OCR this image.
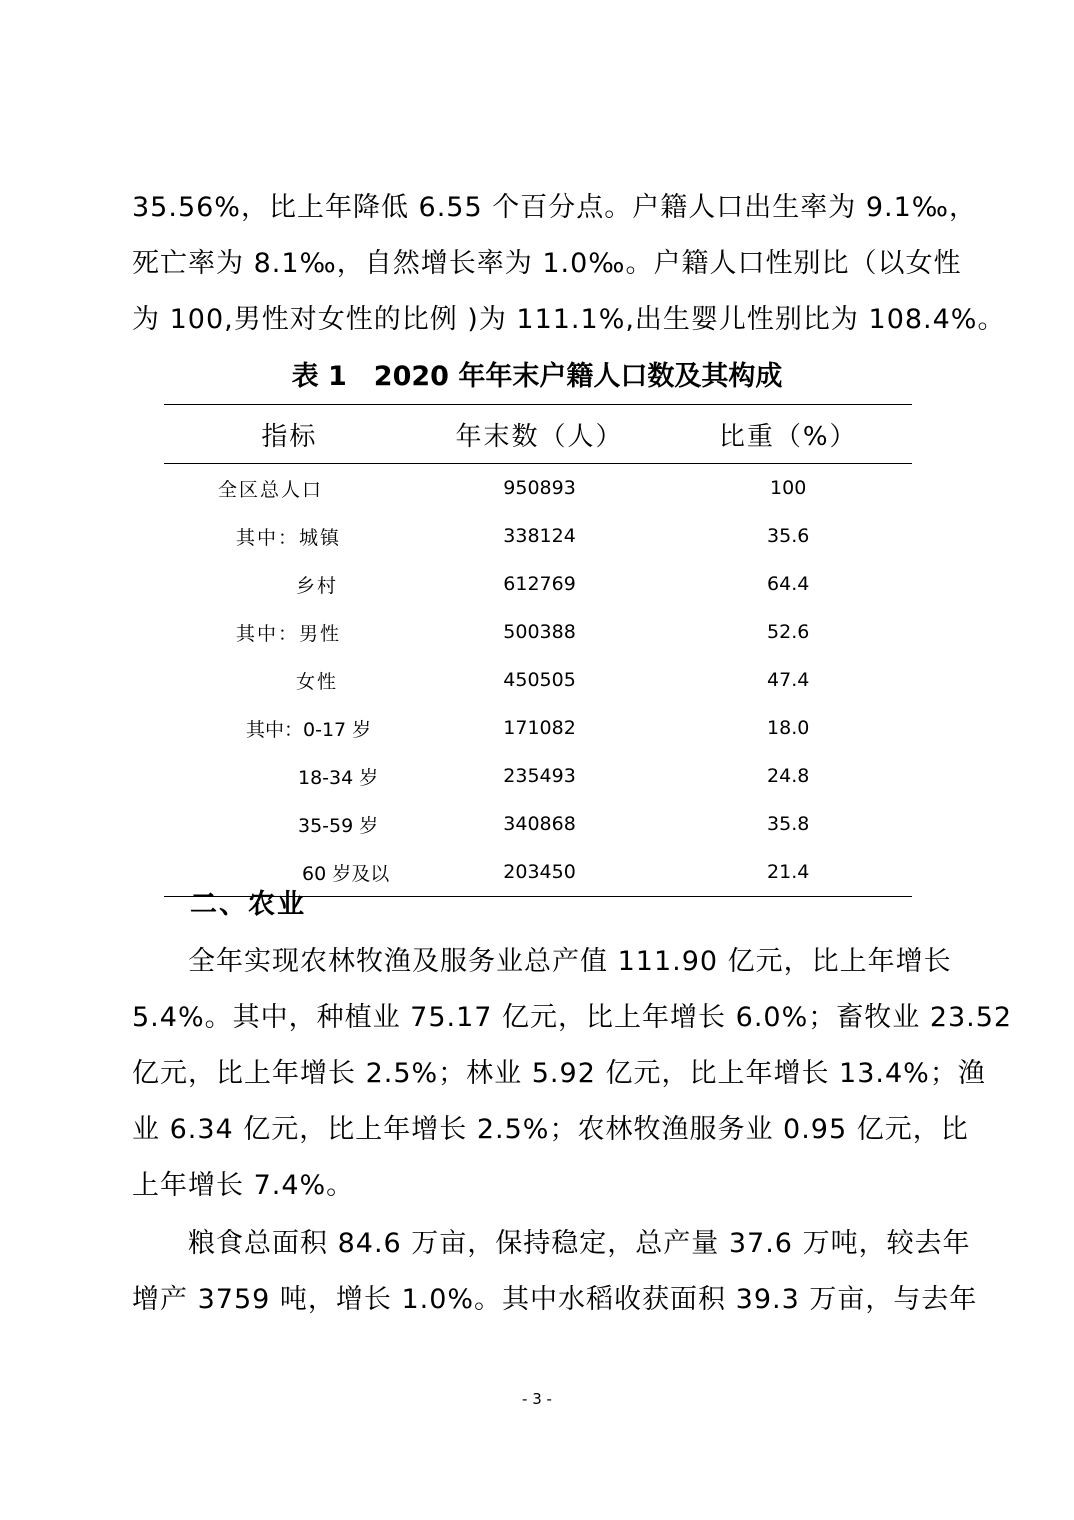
35.56%，比上年降低 6.55 个百分点。户籍人口出生率为 9.1‰，
死亡率为 8.1‰，自然增长率为 1.0‰。户籍人口性别比（以女性
为 100,男性对女性的比例 )为 111.1%,出生婴儿性别比为 108.4%。
表 1　2020 年年末户籍人口数及其构成
指标	年末数（人）	比重（%）
全区总人口	950893	100
其中：城镇	338124	35.6
乡村	612769	64.4
其中：男性	500388	52.6
女性	450505	47.4
其中：0-17 岁	171082	18.0
18-34 岁	235493	24.8
35-59 岁	340868	35.8
60 岁及以	203450	21.4
二、农业
全年实现农林牧渔及服务业总产值 111.90 亿元，比上年增长
5.4%。其中，种植业 75.17 亿元，比上年增长 6.0%；畜牧业 23.52
亿元，比上年增长 2.5%；林业 5.92 亿元，比上年增长 13.4%；渔
业 6.34 亿元，比上年增长 2.5%；农林牧渔服务业 0.95 亿元，比
上年增长 7.4%。
粮食总面积 84.6 万亩，保持稳定，总产量 37.6 万吨，较去年
增产 3759 吨，增长 1.0%。其中水稻收获面积 39.3 万亩，与去年
- 3 -
